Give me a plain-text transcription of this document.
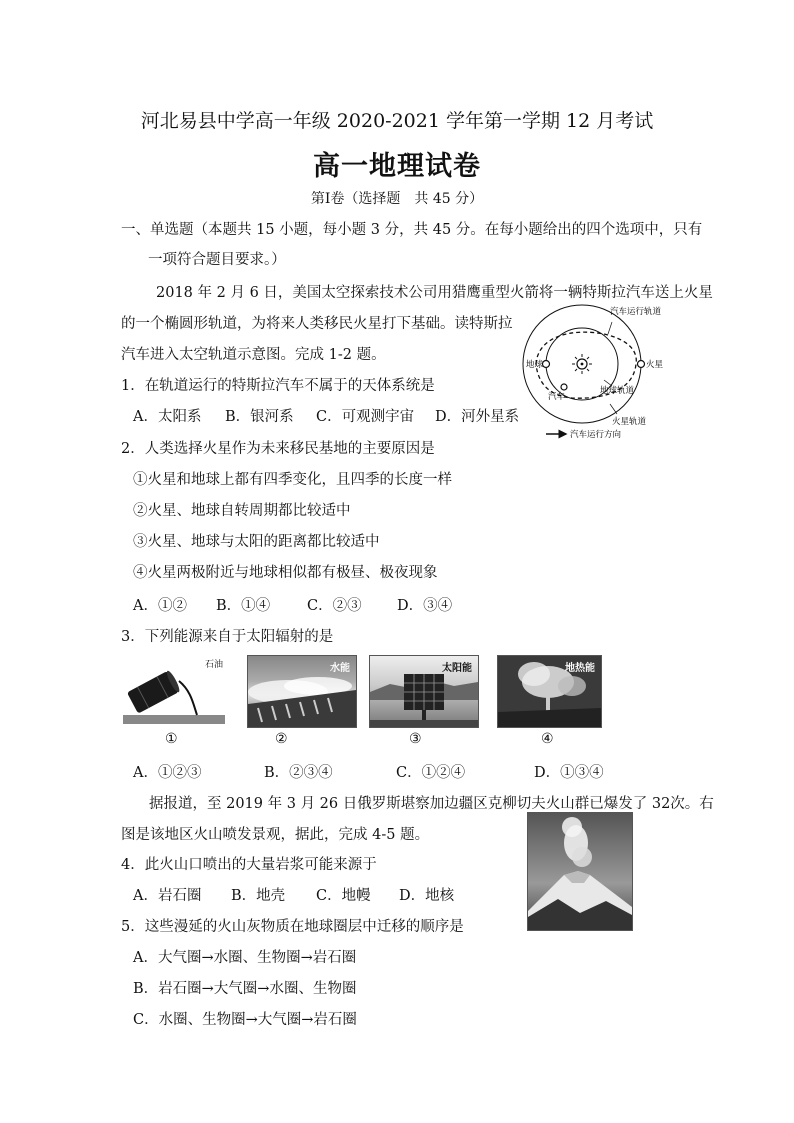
河北易县中学高一年级 2020-2021 学年第一学期 12 月考试
高一地理试卷
第Ⅰ卷（选择题　共 45 分）
一、单选题（本题共 15 小题，每小题 3 分，共 45 分。在每小题给出的四个选项中，只有
一项符合题目要求。）
2018 年 2 月 6 日，美国太空探索技术公司用猎鹰重型火箭将一辆特斯拉汽车送上火星
的一个椭圆形轨道，为将来人类移民火星打下基础。读特斯拉
汽车进入太空轨道示意图。完成 1-2 题。
汽车运行轨道
地球	火星
地球轨道
汽车
火星轨道
汽车运行方向
1．在轨道运行的特斯拉汽车不属于的天体系统是
A．太阳系 B．银河系 C．可观测宇宙 D．河外星系
2．人类选择火星作为未来移民基地的主要原因是
①火星和地球上都有四季变化，且四季的长度一样
②火星、地球自转周期都比较适中
③火星、地球与太阳的距离都比较适中
④火星两极附近与地球相似都有极昼、极夜现象
A．①② B．①④	C．②③ D．③④
3．下列能源来自于太阳辐射的是
石油	水能	太阳能	地热能
①	②	③	④
A．①②③	B．②③④	C．①②④	D．①③④
据报道，至 2019 年 3 月 26 日俄罗斯堪察加边疆区克柳切夫火山群已爆发了 32次。右
图是该地区火山喷发景观，据此，完成 4-5 题。
4．此火山口喷出的大量岩浆可能来源于
A．岩石圈 B．地壳 C．地幔 D．地核
5．这些漫延的火山灰物质在地球圈层中迁移的顺序是
A．大气圈→水圈、生物圈→岩石圈
B．岩石圈→大气圈→水圈、生物圈
C．水圈、生物圈→大气圈→岩石圈
